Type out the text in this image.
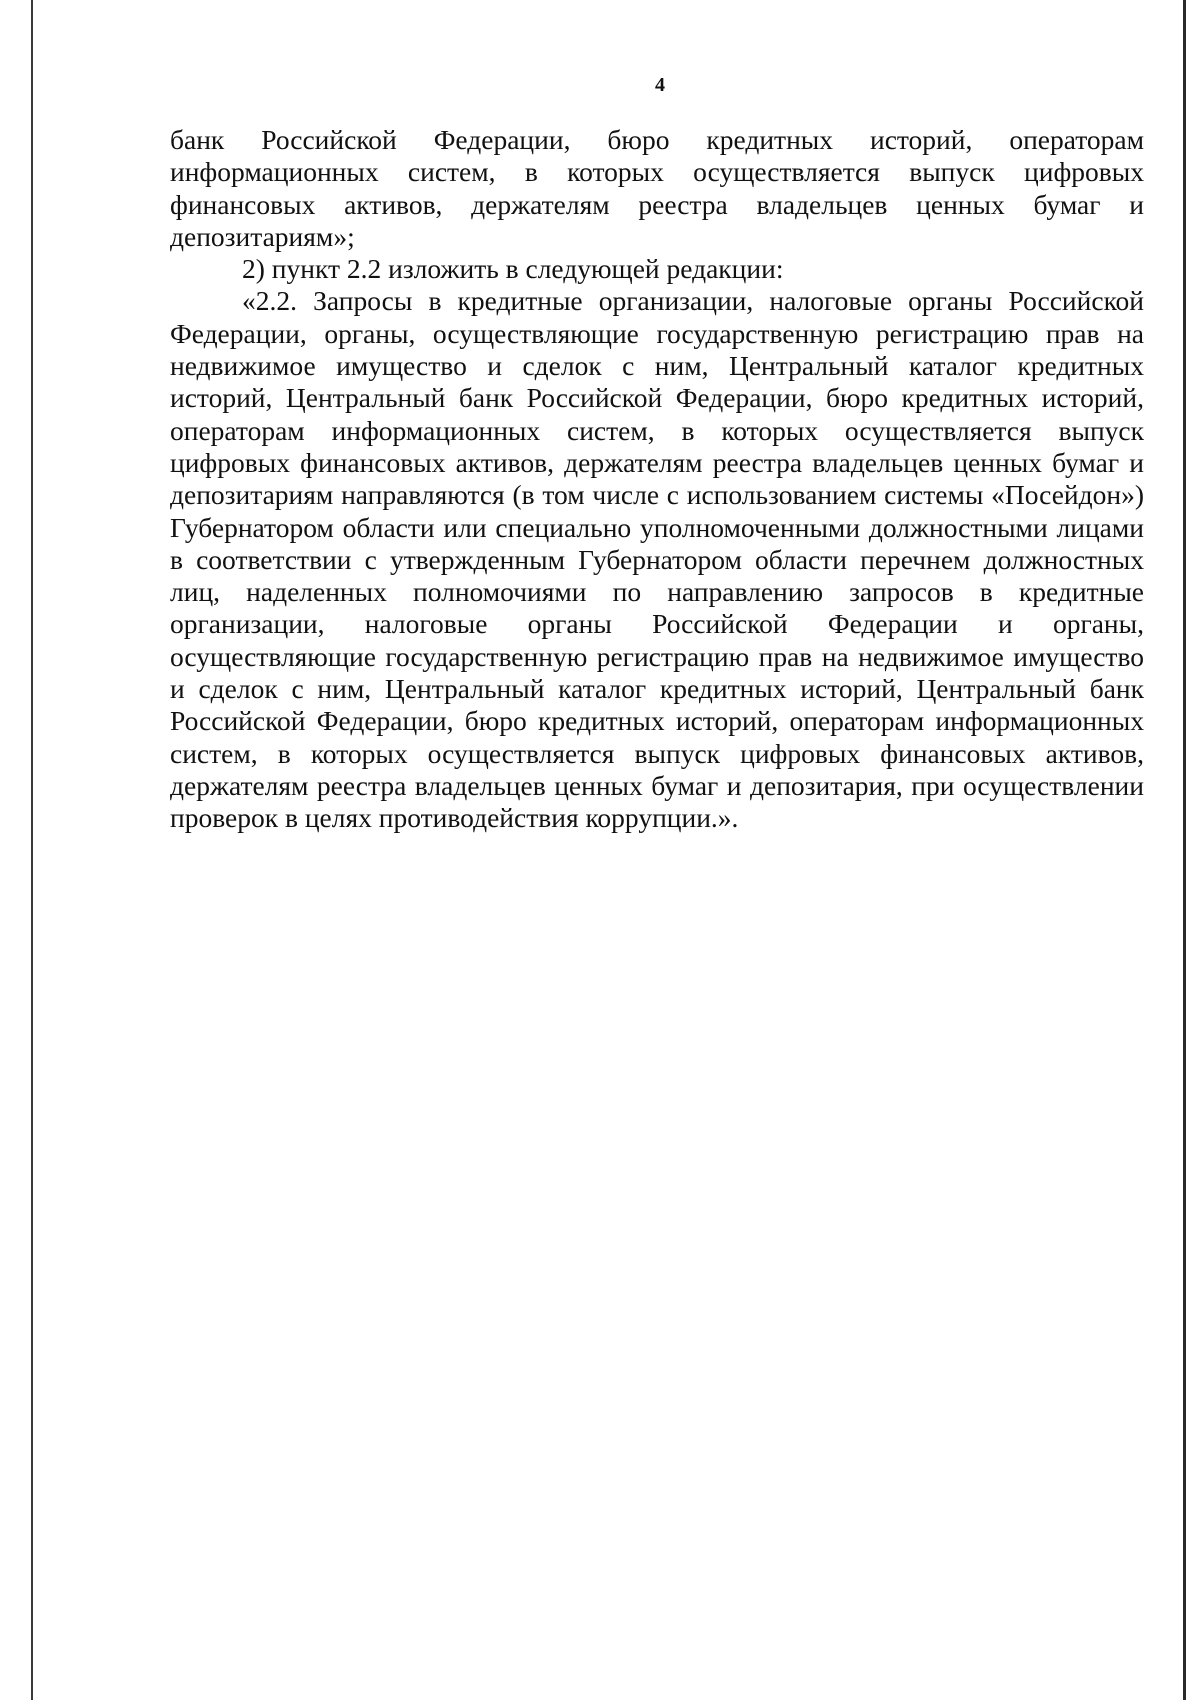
4

банк Российской Федерации, бюро кредитных историй, операторам информационных систем, в которых осуществляется выпуск цифровых финансовых активов, держателям реестра владельцев ценных бумаг и депозитариям»;

2) пункт 2.2 изложить в следующей редакции:

«2.2. Запросы в кредитные организации, налоговые органы Российской Федерации, органы, осуществляющие государственную регистрацию прав на недвижимое имущество и сделок с ним, Центральный каталог кредитных историй, Центральный банк Российской Федерации, бюро кредитных историй, операторам информационных систем, в которых осуществляется выпуск цифровых финансовых активов, держателям реестра владельцев ценных бумаг и депозитариям направляются (в том числе с использованием системы «Посейдон») Губернатором области или специально уполномоченными должностными лицами в соответствии с утвержденным Губернатором области перечнем должностных лиц, наделенных полномочиями по направлению запросов в кредитные организации, налоговые органы Российской Федерации и органы, осуществляющие государственную регистрацию прав на недвижимое имущество и сделок с ним, Центральный каталог кредитных историй, Центральный банк Российской Федерации, бюро кредитных историй, операторам информационных систем, в которых осуществляется выпуск цифровых финансовых активов, держателям реестра владельцев ценных бумаг и депозитария, при осуществлении проверок в целях противодействия коррупции.».
